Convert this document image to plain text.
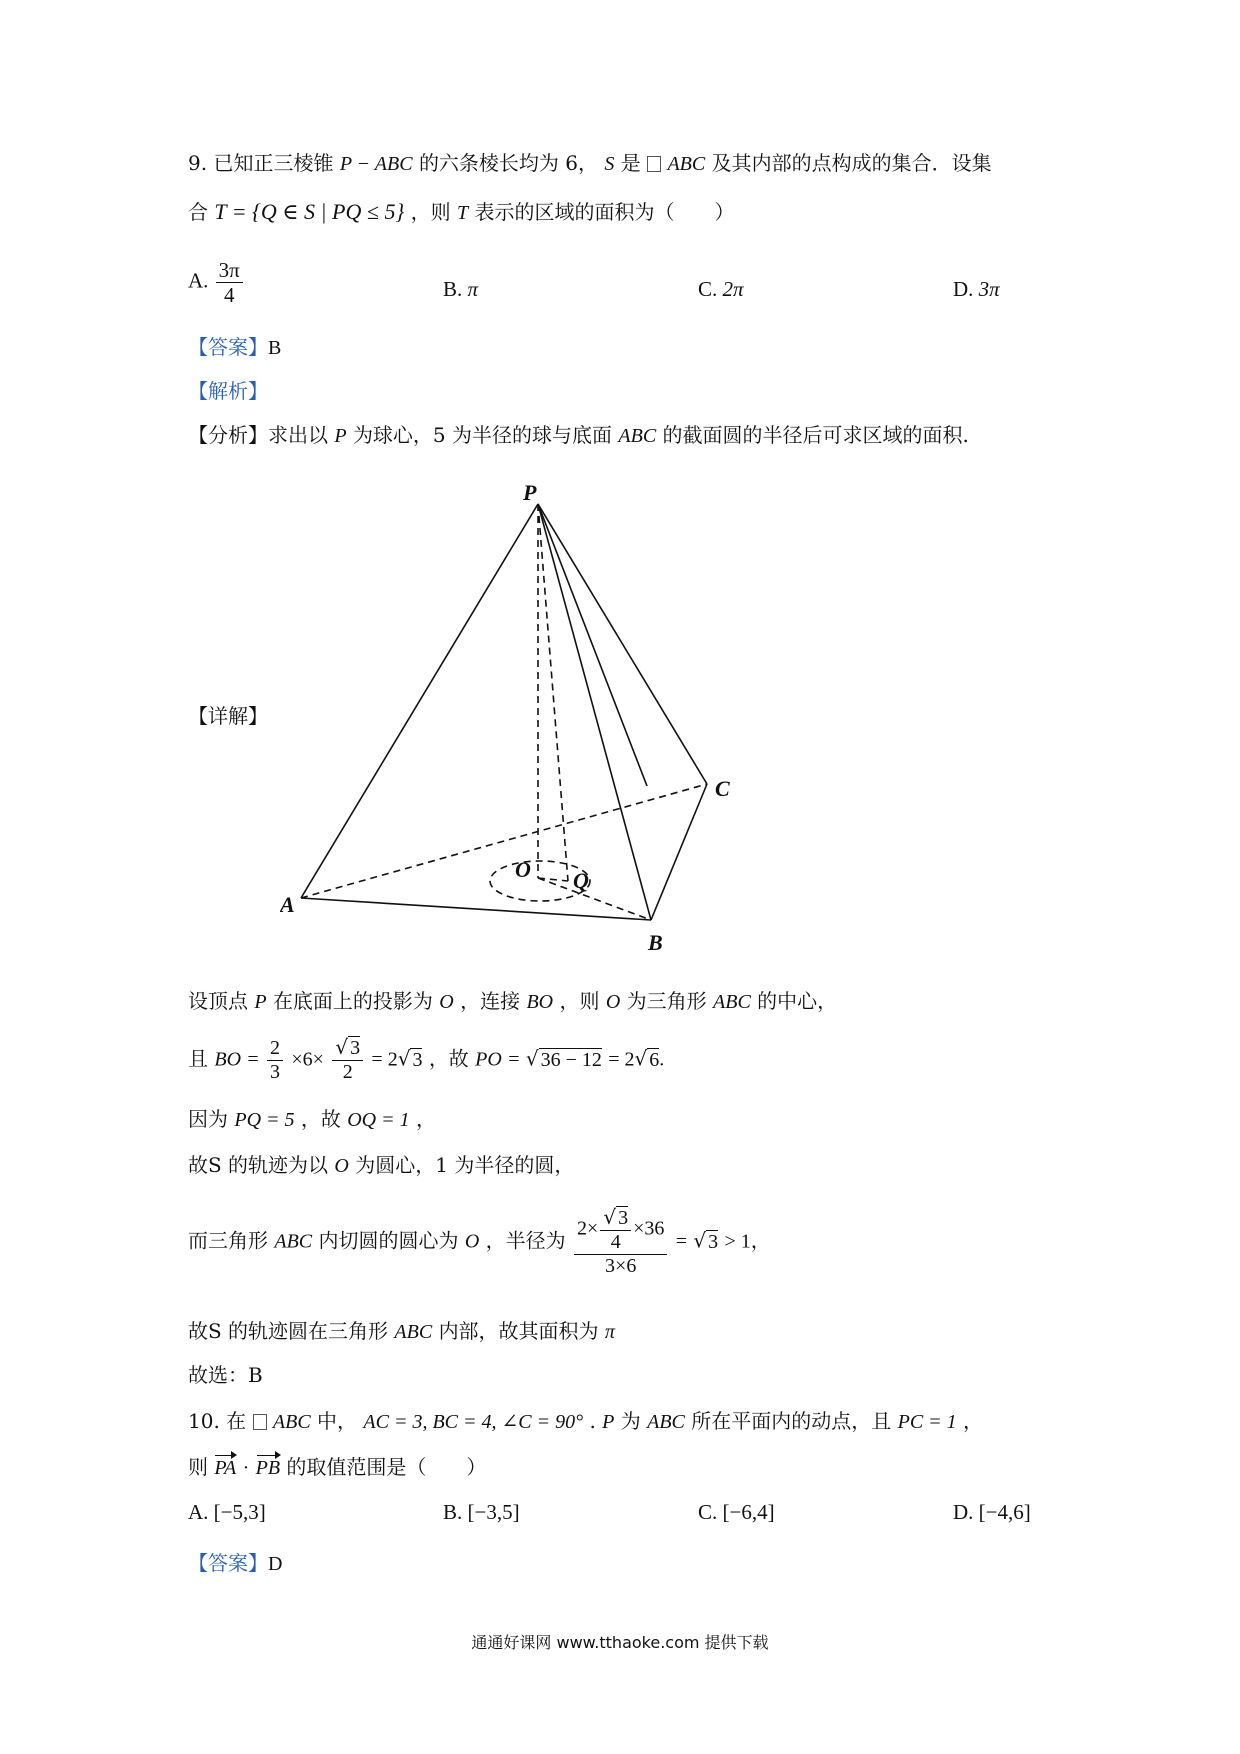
9. 已知正三棱锥 P − ABC 的六条棱长均为 6， S 是 ABC 及其内部的点构成的集合．设集
合 T = {Q ∈ S | PQ ≤ 5} ，则 T 表示的区域的面积为（　　）
A. $\frac{3\pi}{4}$	B. π	C. 2π	D. 3π
【答案】B
【解析】
【分析】求出以 P 为球心，5 为半径的球与底面 ABC 的截面圆的半径后可求区域的面积.
【详解】
P
A
B
C
O Q
设顶点 P 在底面上的投影为 O ，连接 BO ，则 O 为三角形 ABC 的中心，
且 BO = $\frac{2}{3} \times 6\times \frac{√ 3}{2} = 2√$ 3 ，故 PO = √ 36 − 12 = 2√ 6.
因为 PQ = 5 ，故 OQ = 1 ，
故S 的轨迹为以 O 为圆心，1 为半径的圆，
而三角形 ABC 内切圆的圆心为 O ，半径为 $\frac{2\times \frac{√ 3}{4} \times 36}{3\times 6}$ = √ 3 > 1，
故S 的轨迹圆在三角形 ABC 内部，故其面积为 π
故选：B
10. 在 ABC 中， AC = 3, BC = 4, ∠C = 90° . P 为 ABC 所在平面内的动点，且 PC = 1 ，
则 PA · PB 的取值范围是（　　）
A. [−5,3]	B. [−3,5]	C. [−6,4]	D. [−4,6]
【答案】D
通通好课网 www.tthaoke.com 提供下载
